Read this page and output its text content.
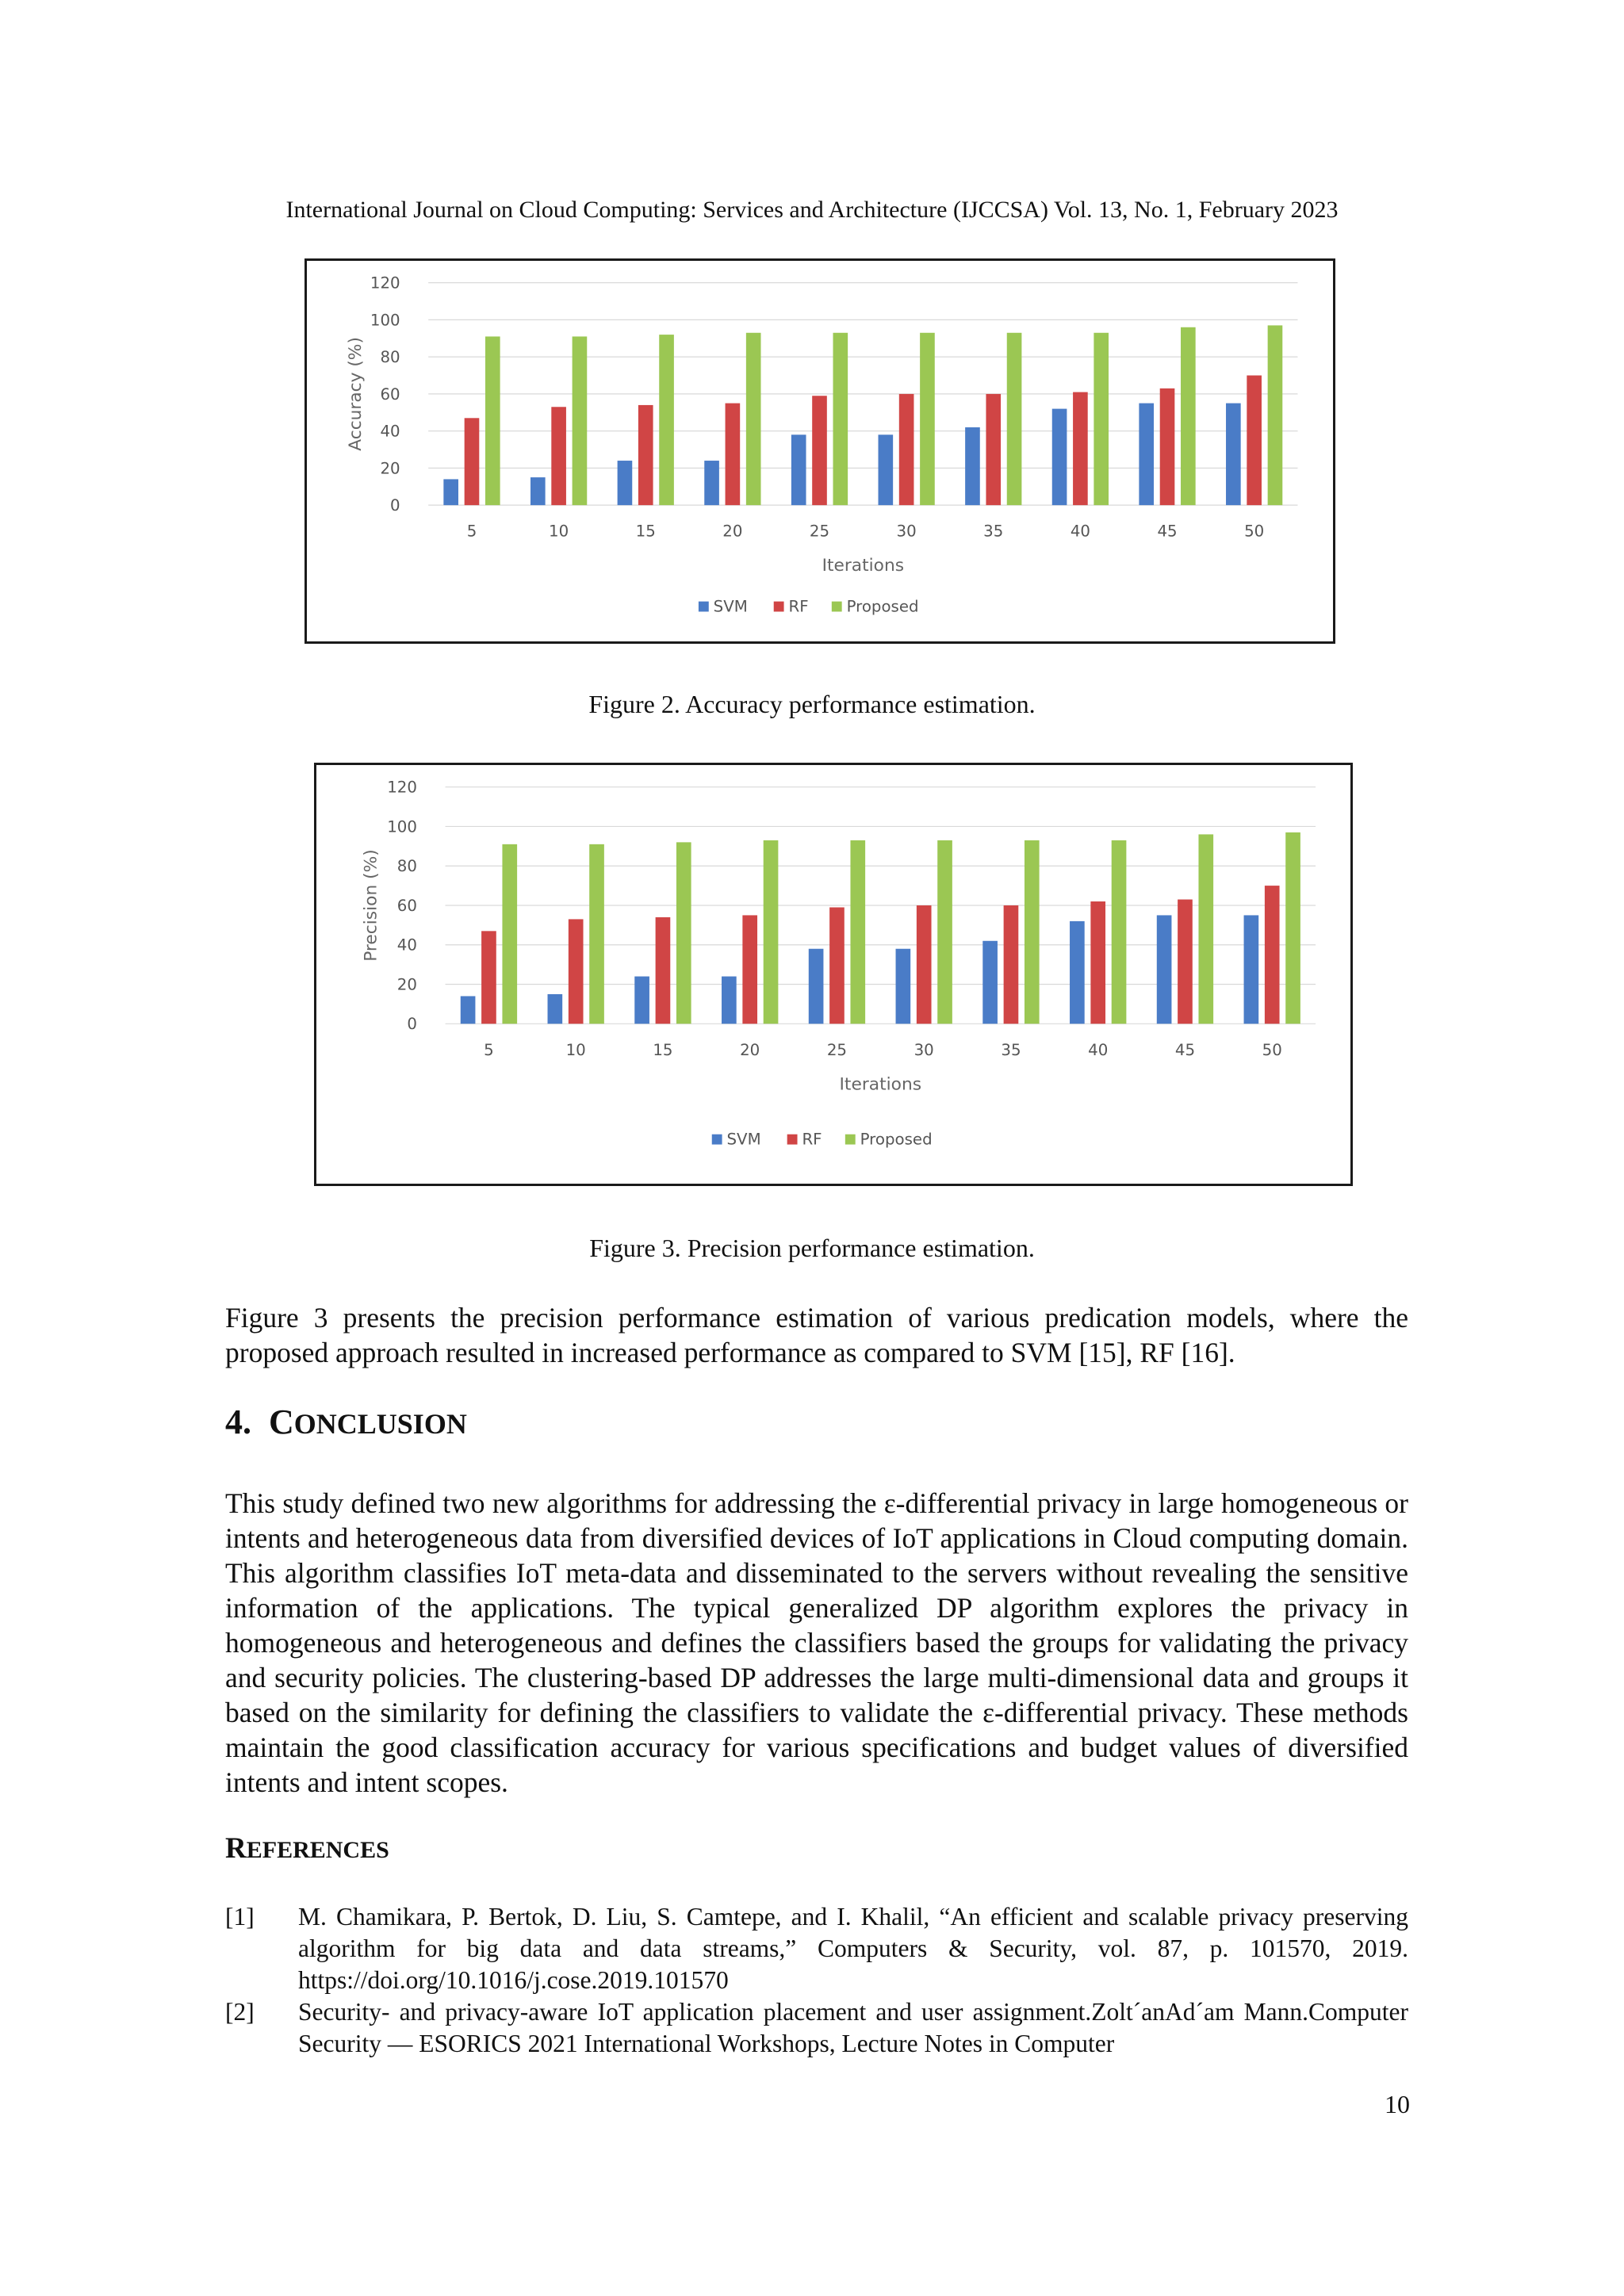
International Journal on Cloud Computing: Services and Architecture (IJCCSA) Vol. 13, No. 1, February 2023
0
20
40
60
80
100
120
5	10	15	20	25	30	35	40	45	50
Iterations
Accuracy (%)
SVM	RF Proposed
Figure 2. Accuracy performance estimation.
0
20
40
60
80
100
120
5	10	15	20	25	30	35	40	45	50
Iterations
Precision (%)
SVM	RF Proposed
Figure 3. Precision performance estimation.
Figure 3 presents the precision performance estimation of various predication models, where the proposed approach resulted in increased performance as compared to SVM [15], RF [16].
4. CONCLUSION
This study defined two new algorithms for addressing the ε-differential privacy in large homogeneous or intents and heterogeneous data from diversified devices of IoT applications in Cloud computing domain. This algorithm classifies IoT meta-data and disseminated to the servers without revealing the sensitive information of the applications. The typical generalized DP algorithm explores the privacy in homogeneous and heterogeneous and defines the classifiers based the groups for validating the privacy and security policies. The clustering-based DP addresses the large multi-dimensional data and groups it based on the similarity for defining the classifiers to validate the ε-differential privacy. These methods maintain the good classification accuracy for various specifications and budget values of diversified intents and intent scopes.
REFERENCES
[1] M. Chamikara, P. Bertok, D. Liu, S. Camtepe, and I. Khalil, “An efficient and scalable privacy preserving algorithm for big data and data streams,” Computers & Security, vol. 87, p. 101570, 2019. https://doi.org/10.1016/j.cose.2019.101570
[2] Security- and privacy-aware IoT application placement and user assignment.Zolt´anAd´am Mann.Computer Security — ESORICS 2021 International Workshops, Lecture Notes in Computer
10
